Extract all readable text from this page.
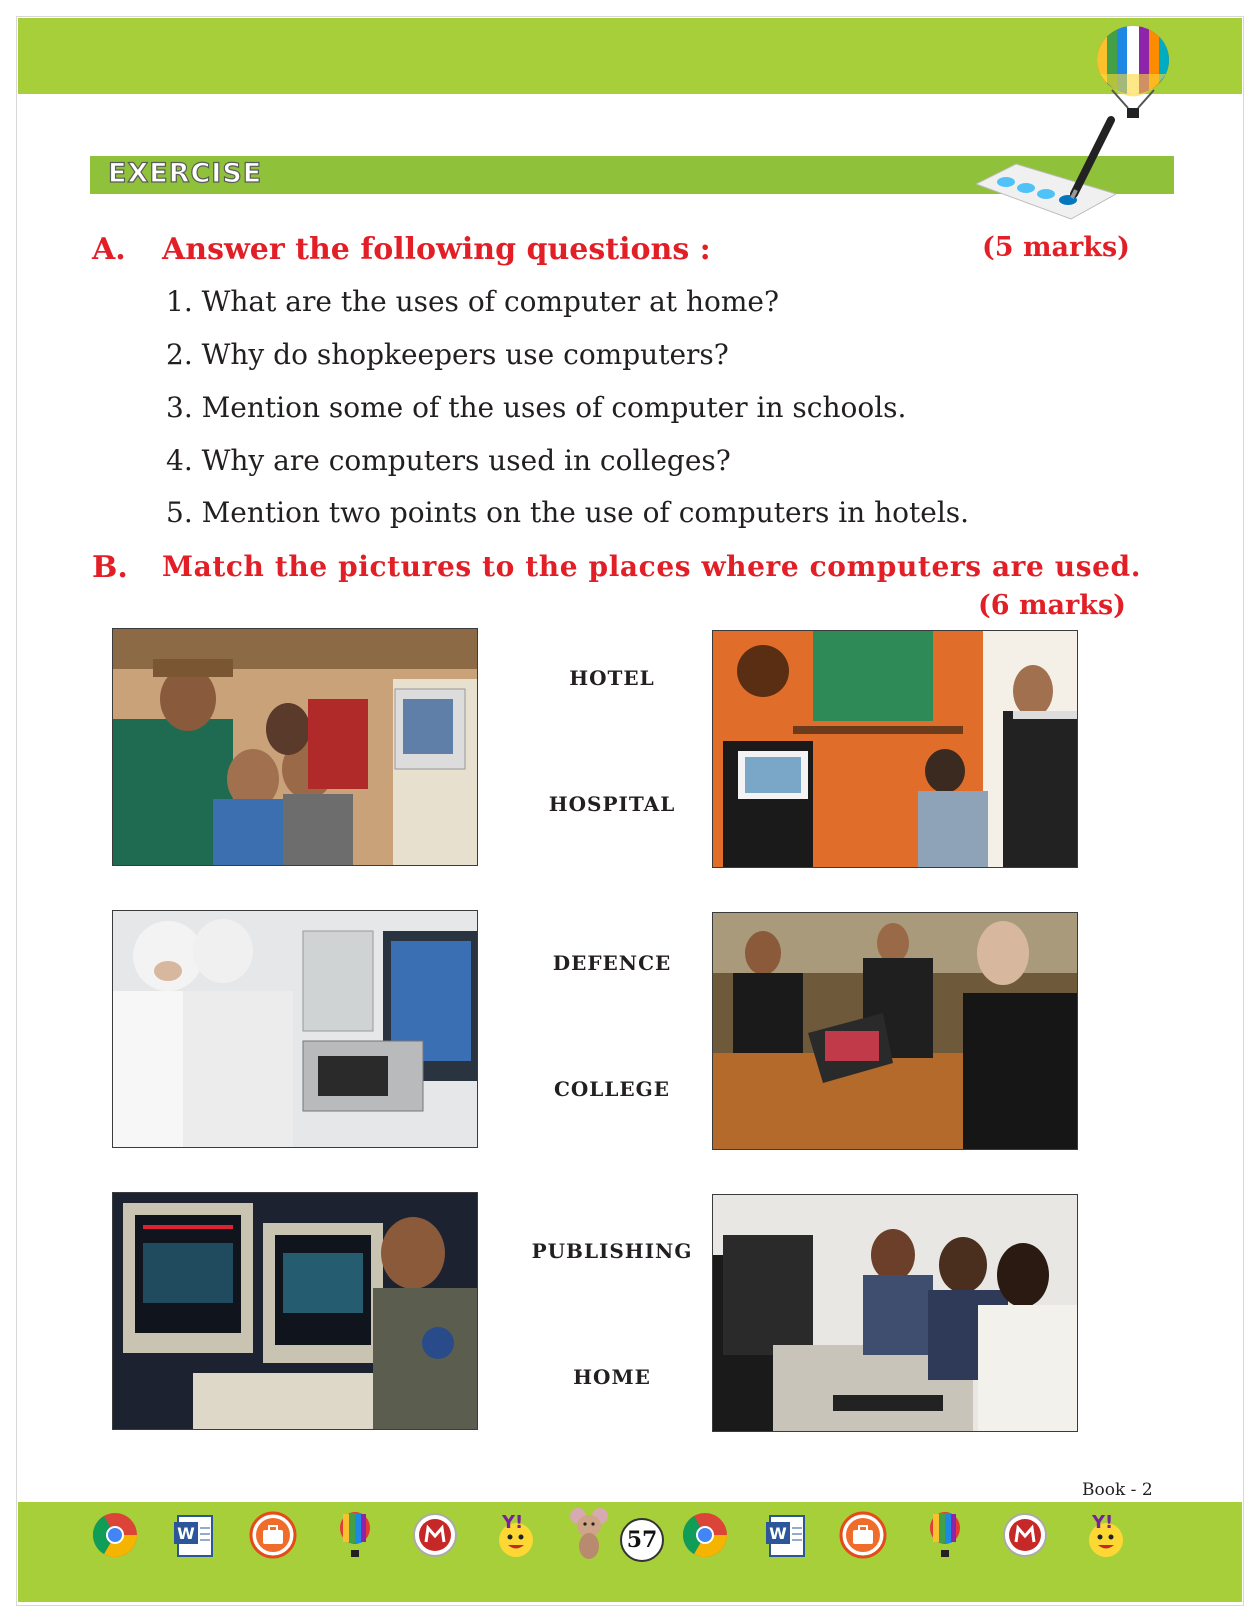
EXERCISE
A. Answer the following questions :	(5 marks)
1. What are the uses of computer at home?
2. Why do shopkeepers use computers?
3. Mention some of the uses of computer in schools.
4. Why are computers used in colleges?
5. Mention two points on the use of computers in hotels.
B. Match the pictures to the places where computers are used.
(6 marks)
HOTEL
HOSPITAL
DEFENCE
COLLEGE
PUBLISHING
HOME
Book - 2
W
Y!
57	W
Y!
